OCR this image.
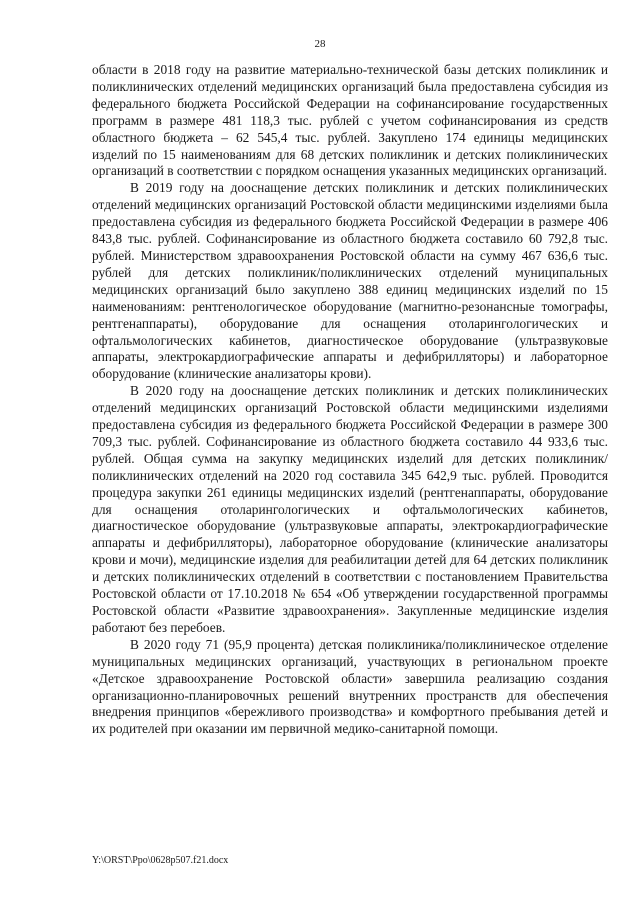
28

области в 2018 году на развитие материально-технической базы детских поликлиник и поликлинических отделений медицинских организаций была предоставлена субсидия из федерального бюджета Российской Федерации на софинансирование государственных программ в размере 481 118,3 тыс. рублей с учетом софинансирования из средств областного бюджета – 62 545,4 тыс. рублей. Закуплено 174 единицы медицинских изделий по 15 наименованиям для 68 детских поликлиник и детских поликлинических организаций в соответствии с порядком оснащения указанных медицинских организаций.

В 2019 году на дооснащение детских поликлиник и детских поликлинических отделений медицинских организаций Ростовской области медицинскими изделиями была предоставлена субсидия из федерального бюджета Российской Федерации в размере 406 843,8 тыс. рублей. Софинансирование из областного бюджета составило 60 792,8 тыс. рублей. Министерством здравоохранения Ростовской области на сумму 467 636,6 тыс. рублей для детских поликлиник/поликлинических отделений муниципальных медицинских организаций было закуплено 388 единиц медицинских изделий по 15 наименованиям: рентгенологическое оборудование (магнитно-резонансные томографы, рентгенаппараты), оборудование для оснащения отоларингологических и офтальмологических кабинетов, диагностическое оборудование (ультразвуковые аппараты, электрокардиографические аппараты и дефибрилляторы) и лабораторное оборудование (клинические анализаторы крови).

В 2020 году на дооснащение детских поликлиник и детских поликлинических отделений медицинских организаций Ростовской области медицинскими изделиями предоставлена субсидия из федерального бюджета Российской Федерации в размере 300 709,3 тыс. рублей. Софинансирование из областного бюджета составило 44 933,6 тыс. рублей. Общая сумма на закупку медицинских изделий для детских поликлиник/поликлинических отделений на 2020 год составила 345 642,9 тыс. рублей. Проводится процедура закупки 261 единицы медицинских изделий (рентгенаппараты, оборудование для оснащения отоларингологических и офтальмологических кабинетов, диагностическое оборудование (ультразвуковые аппараты, электрокардиографические аппараты и дефибрилляторы), лабораторное оборудование (клинические анализаторы крови и мочи), медицинские изделия для реабилитации детей для 64 детских поликлиник и детских поликлинических отделений в соответствии с постановлением Правительства Ростовской области от 17.10.2018 № 654 «Об утверждении государственной программы Ростовской области «Развитие здравоохранения». Закупленные медицинские изделия работают без перебоев.

В 2020 году 71 (95,9 процента) детская поликлиника/поликлиническое отделение муниципальных медицинских организаций, участвующих в региональном проекте «Детское здравоохранение Ростовской области» завершила реализацию создания организационно-планировочных решений внутренних пространств для обеспечения внедрения принципов «бережливого производства» и комфортного пребывания детей и их родителей при оказании им первичной медико-санитарной помощи.

Y:\ORST\Ppo\0628p507.f21.docx
